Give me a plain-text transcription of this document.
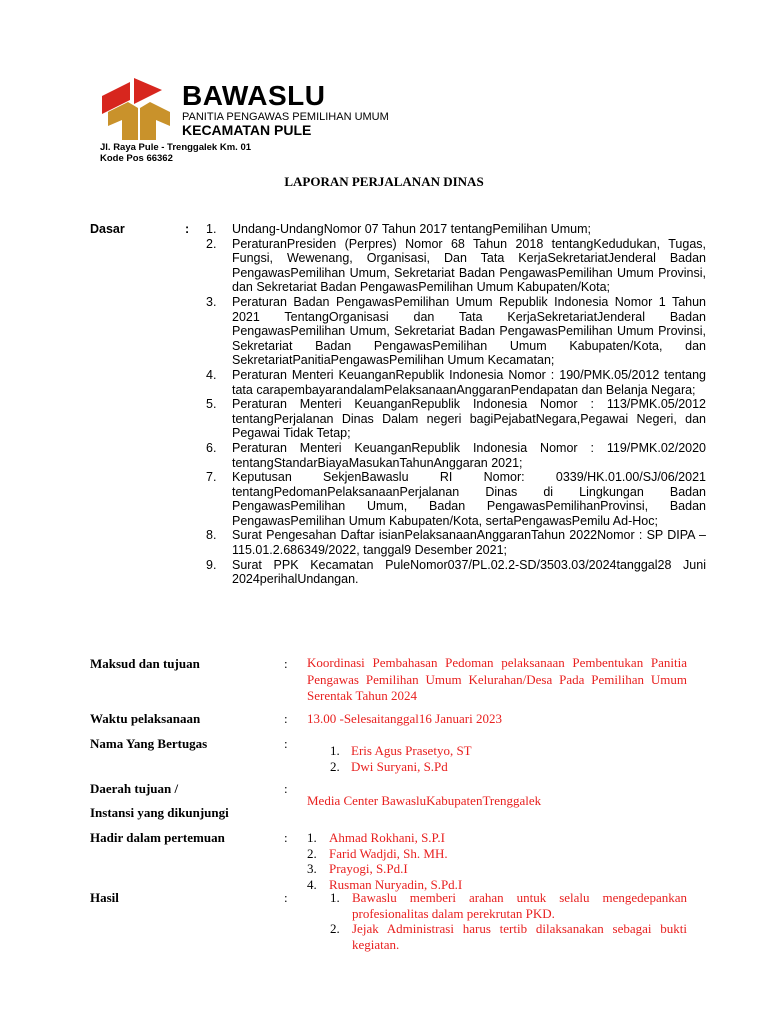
BAWASLU
PANITIA PENGAWAS PEMILIHAN UMUM
KECAMATAN PULE
Jl. Raya Pule - Trenggalek Km. 01
Kode Pos 66362
LAPORAN PERJALANAN DINAS
Dasar	: 1.	Undang-UndangNomor 07 Tahun 2017 tentangPemilihan Umum;
2.	PeraturanPresiden (Perpres) Nomor 68 Tahun 2018 tentangKedudukan, Tugas, Fungsi, Wewenang, Organisasi, Dan Tata KerjaSekretariatJenderal Badan PengawasPemilihan Umum, Sekretariat Badan PengawasPemilihan Umum Provinsi, dan Sekretariat Badan PengawasPemilihan Umum Kabupaten/Kota;
3.	Peraturan Badan PengawasPemilihan Umum Republik Indonesia Nomor 1 Tahun 2021 TentangOrganisasi dan Tata KerjaSekretariatJenderal Badan PengawasPemilihan Umum, Sekretariat Badan PengawasPemilihan Umum Provinsi, Sekretariat Badan PengawasPemilihan Umum Kabupaten/Kota, dan SekretariatPanitiaPengawasPemilihan Umum Kecamatan;
4.	Peraturan Menteri KeuanganRepublik Indonesia Nomor : 190/PMK.05/2012 tentang tata carapembayarandalamPelaksanaanAnggaranPendapatan dan Belanja Negara;
5.	Peraturan Menteri KeuanganRepublik Indonesia Nomor : 113/PMK.05/2012 tentangPerjalanan Dinas Dalam negeri bagiPejabatNegara,Pegawai Negeri, dan Pegawai Tidak Tetap;
6.	Peraturan Menteri KeuanganRepublik Indonesia Nomor : 119/PMK.02/2020 tentangStandarBiayaMasukanTahunAnggaran 2021;
7.	Keputusan SekjenBawaslu RI Nomor: 0339/HK.01.00/SJ/06/2021 tentangPedomanPelaksanaanPerjalanan Dinas di Lingkungan Badan PengawasPemilihan Umum, Badan PengawasPemilihanProvinsi, Badan PengawasPemilihan Umum Kabupaten/Kota, sertaPengawasPemilu Ad-Hoc;
8.	Surat Pengesahan Daftar isianPelaksanaanAnggaranTahun 2022Nomor : SP DIPA – 115.01.2.686349/2022, tanggal9 Desember 2021;
9.	Surat PPK Kecamatan PuleNomor037/PL.02.2-SD/3503.03/2024tanggal28 Juni 2024perihalUndangan.
Maksud dan tujuan	: Koordinasi Pembahasan Pedoman pelaksanaan Pembentukan Panitia Pengawas Pemilihan Umum Kelurahan/Desa Pada Pemilihan Umum Serentak Tahun 2024
Waktu pelaksanaan	: 13.00 -Selesaitanggal16 Januari 2023
Nama Yang Bertugas	:	1. Eris Agus Prasetyo, ST
2. Dwi Suryani, S.Pd
Daerah tujuan /	:
Instansi yang dikunjungi
Media Center BawasluKabupatenTrenggalek
Hadir dalam pertemuan	: 1. Ahmad Rokhani, S.P.I
2. Farid Wadjdi, Sh. MH.
3. Prayogi, S.Pd.I
4. Rusman Nuryadin, S.Pd.I
Hasil	:	1. Bawaslu memberi arahan untuk selalu mengedepankan profesionalitas dalam perekrutan PKD.
2. Jejak Administrasi harus tertib dilaksanakan sebagai bukti kegiatan.
